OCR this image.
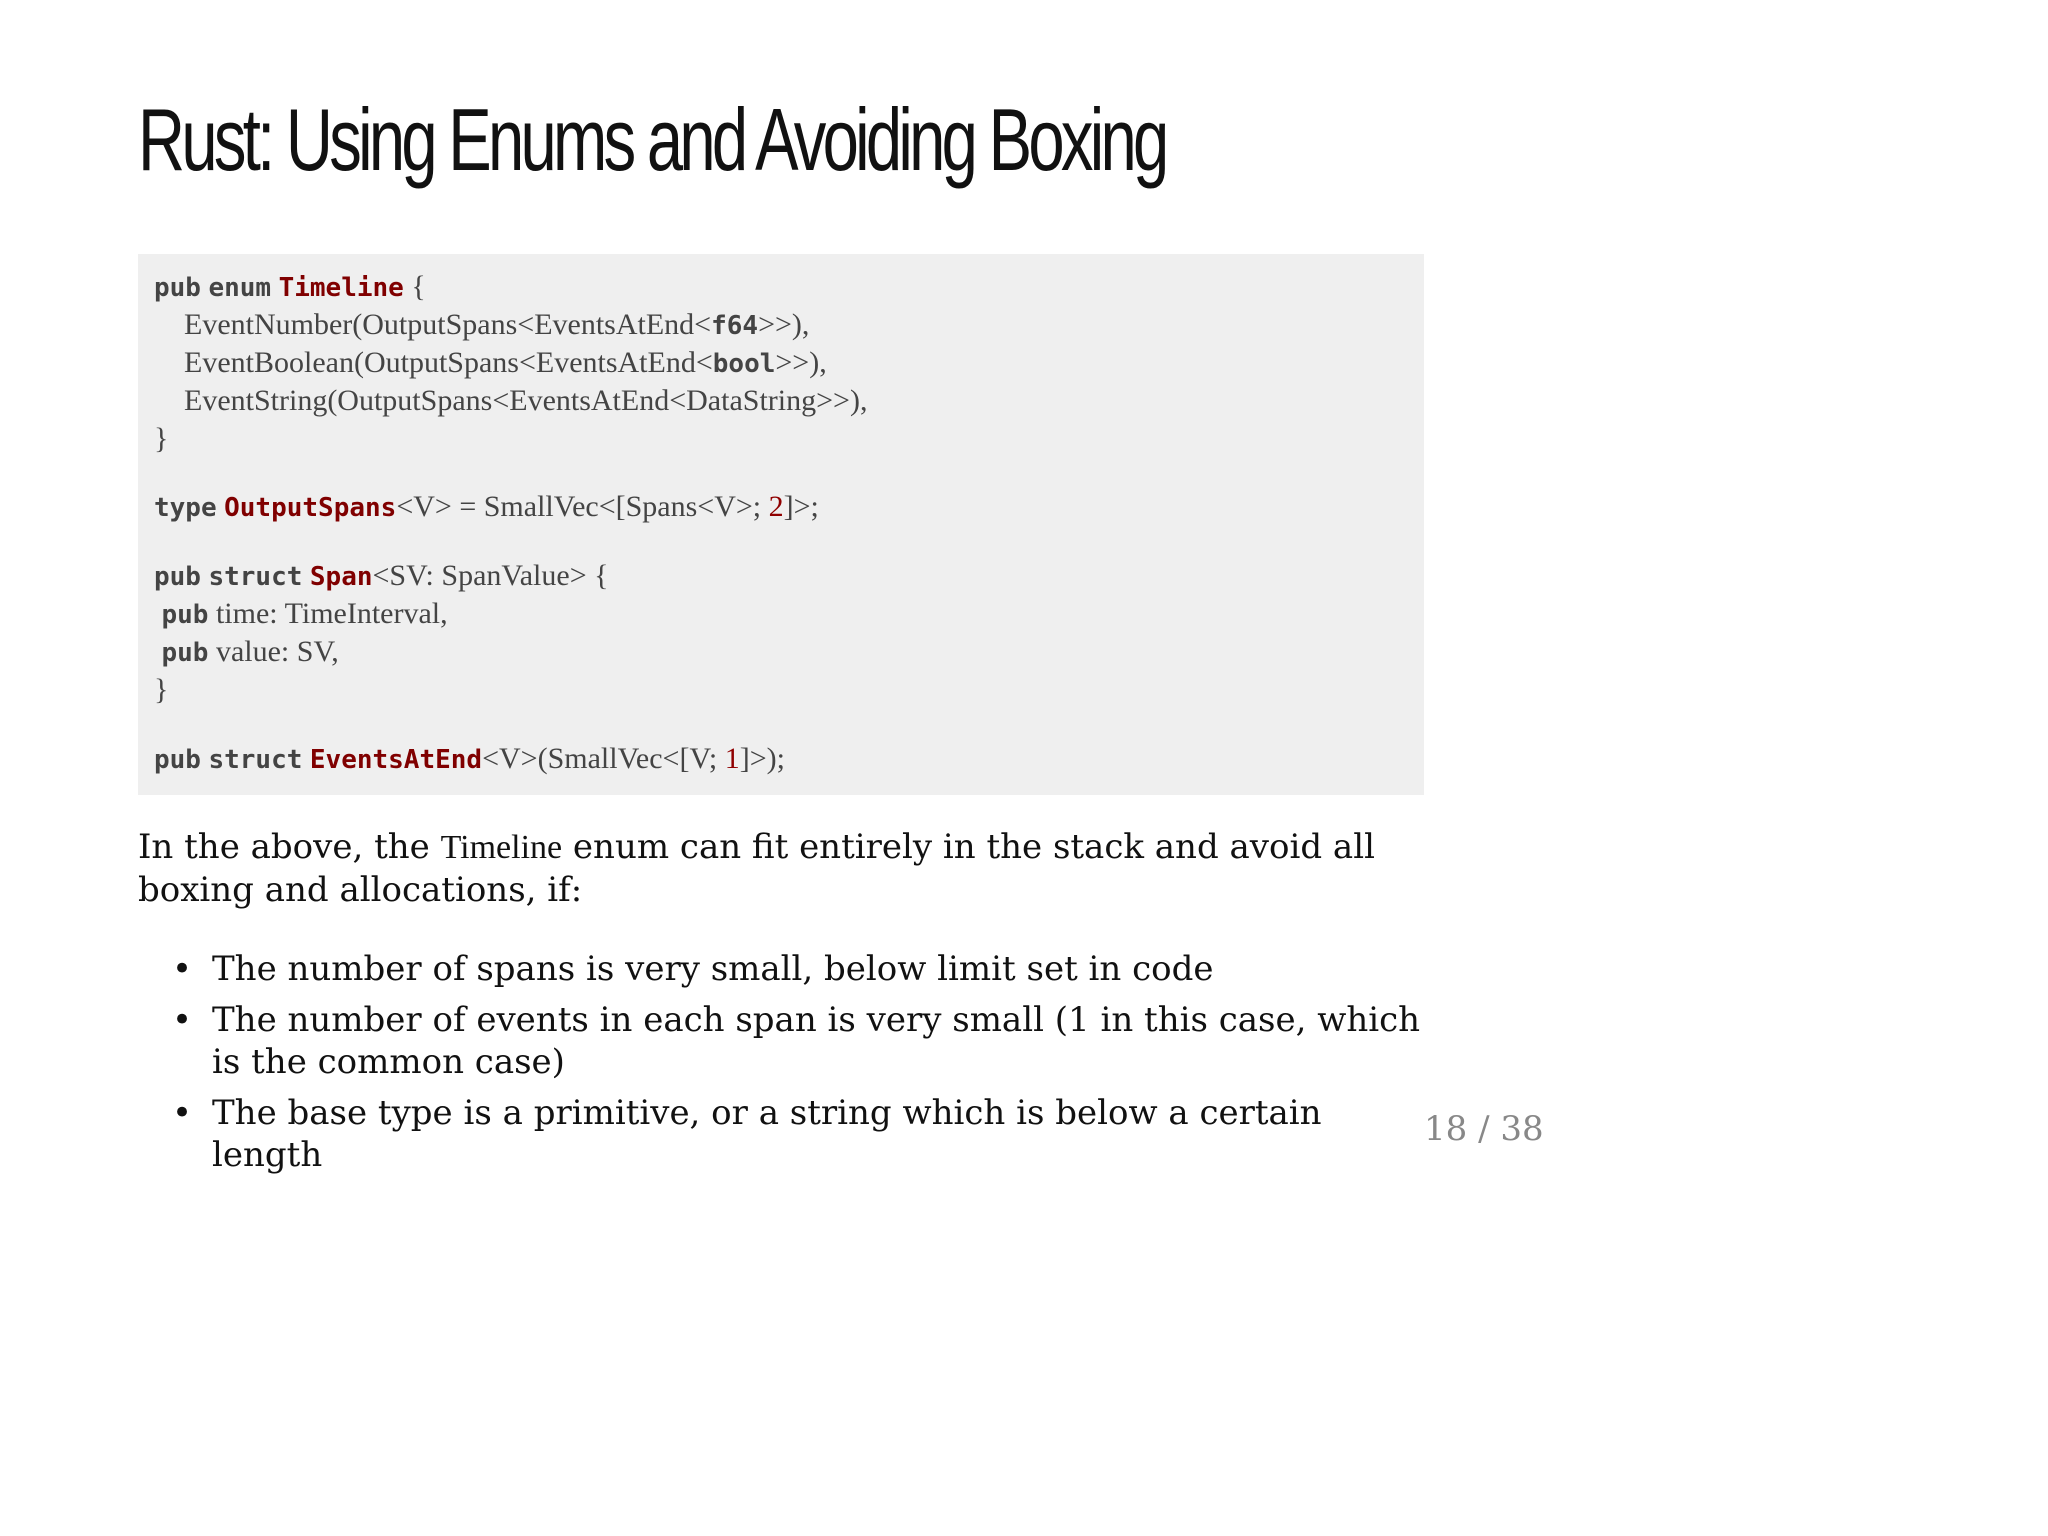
Rust: Using Enums and Avoiding Boxing
pub enum Timeline {
EventNumber(OutputSpans<EventsAtEnd<f64>>),
EventBoolean(OutputSpans<EventsAtEnd<bool>>),
EventString(OutputSpans<EventsAtEnd<DataString>>),
}
type OutputSpans<V> = SmallVec<[Spans<V>; 2]>;
pub struct Span<SV: SpanValue> {
pub time: TimeInterval,
pub value: SV,
}
pub struct EventsAtEnd<V>(SmallVec<[V; 1]>);

In the above, the Timeline enum can fit entirely in the stack and avoid all boxing and allocations, if:

• The number of spans is very small, below limit set in code
• The number of events in each span is very small (1 in this case, which is the common case)
• The base type is a primitive, or a string which is below a certain length
18 / 38
